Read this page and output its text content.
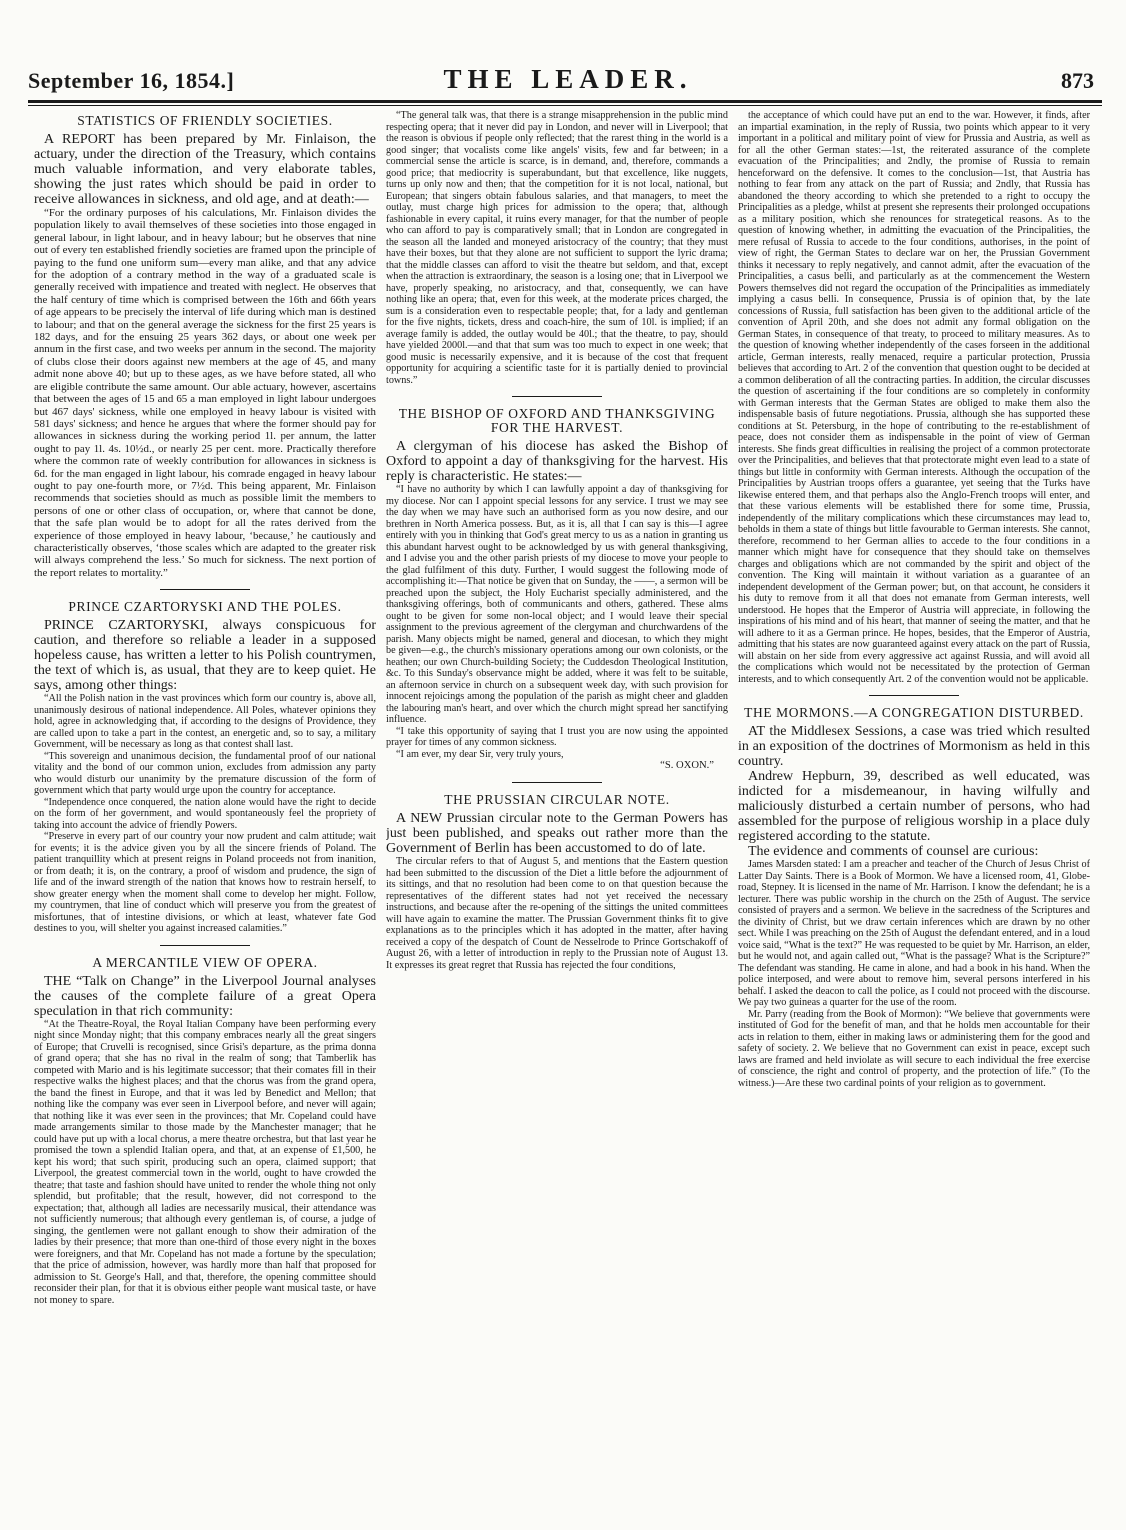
September 16, 1854.]	THE LEADER.	873
STATISTICS OF FRIENDLY SOCIETIES.

A REPORT has been prepared by Mr. Finlaison, the actuary, under the direction of the Treasury, which contains much valuable information, and very elaborate tables, showing the just rates which should be paid in order to receive allowances in sickness, and old age, and at death:—

“For the ordinary purposes of his calculations, Mr. Finlaison divides the population likely to avail themselves of these societies into those engaged in general labour, in light labour, and in heavy labour; but he observes that nine out of every ten established friendly societies are framed upon the principle of paying to the fund one uniform sum—every man alike, and that any advice for the adoption of a contrary method in the way of a graduated scale is generally received with impatience and treated with neglect. He observes that the half century of time which is comprised between the 16th and 66th years of age appears to be precisely the interval of life during which man is destined to labour; and that on the general average the sickness for the first 25 years is 182 days, and for the ensuing 25 years 362 days, or about one week per annum in the first case, and two weeks per annum in the second. The majority of clubs close their doors against new members at the age of 45, and many admit none above 40; but up to these ages, as we have before stated, all who are eligible contribute the same amount. Our able actuary, however, ascertains that between the ages of 15 and 65 a man employed in light labour undergoes but 467 days' sickness, while one employed in heavy labour is visited with 581 days' sickness; and hence he argues that where the former should pay for allowances in sickness during the working period 1l. per annum, the latter ought to pay 1l. 4s. 10½d., or nearly 25 per cent. more. Practically therefore where the common rate of weekly contribution for allowances in sickness is 6d. for the man engaged in light labour, his comrade engaged in heavy labour ought to pay one-fourth more, or 7½d. This being apparent, Mr. Finlaison recommends that societies should as much as possible limit the members to persons of one or other class of occupation, or, where that cannot be done, that the safe plan would be to adopt for all the rates derived from the experience of those employed in heavy labour, ‘because,’ he cautiously and characteristically observes, ‘those scales which are adapted to the greater risk will always comprehend the less.’ So much for sickness. The next portion of the report relates to mortality.”

PRINCE CZARTORYSKI AND THE POLES.

PRINCE CZARTORYSKI, always conspicuous for caution, and therefore so reliable a leader in a supposed hopeless cause, has written a letter to his Polish countrymen, the text of which is, as usual, that they are to keep quiet. He says, among other things:

“All the Polish nation in the vast provinces which form our country is, above all, unanimously desirous of national independence. All Poles, whatever opinions they hold, agree in acknowledging that, if according to the designs of Providence, they are called upon to take a part in the contest, an energetic and, so to say, a military Government, will be necessary as long as that contest shall last.

“This sovereign and unanimous decision, the fundamental proof of our national vitality and the bond of our common union, excludes from admission any party who would disturb our unanimity by the premature discussion of the form of government which that party would urge upon the country for acceptance.

“Independence once conquered, the nation alone would have the right to decide on the form of her government, and would spontaneously feel the propriety of taking into account the advice of friendly Powers.

“Preserve in every part of our country your now prudent and calm attitude; wait for events; it is the advice given you by all the sincere friends of Poland. The patient tranquillity which at present reigns in Poland proceeds not from inanition, or from death; it is, on the contrary, a proof of wisdom and prudence, the sign of life and of the inward strength of the nation that knows how to restrain herself, to show greater energy when the moment shall come to develop her might. Follow, my countrymen, that line of conduct which will preserve you from the greatest of misfortunes, that of intestine divisions, or which at least, whatever fate God destines to you, will shelter you against increased calamities.”

A MERCANTILE VIEW OF OPERA.

THE “Talk on Change” in the Liverpool Journal analyses the causes of the complete failure of a great Opera speculation in that rich community:

“At the Theatre-Royal, the Royal Italian Company have been performing every night since Monday night; that this company embraces nearly all the great singers of Europe; that Cruvelli is recognised, since Grisi's departure, as the prima donna of grand opera; that she has no rival in the realm of song; that Tamberlik has competed with Mario and is his legitimate successor; that their comates fill in their respective walks the highest places; and that the chorus was from the grand opera, the band the finest in Europe, and that it was led by Benedict and Mellon; that nothing like the company was ever seen in Liverpool before, and never will again; that nothing like it was ever seen in the provinces; that Mr. Copeland could have made arrangements similar to those made by the Manchester manager; that he could have put up with a local chorus, a mere theatre orchestra, but that last year he promised the town a splendid Italian opera, and that, at an expense of £1,500, he kept his word; that such spirit, producing such an opera, claimed support; that Liverpool, the greatest commercial town in the world, ought to have crowded the theatre; that taste and fashion should have united to render the whole thing not only splendid, but profitable; that the result, however, did not correspond to the expectation; that, although all ladies are necessarily musical, their attendance was not sufficiently numerous; that although every gentleman is, of course, a judge of singing, the gentlemen were not gallant enough to show their admiration of the ladies by their presence; that more than one-third of those every night in the boxes were foreigners, and that Mr. Copeland has not made a fortune by the speculation; that the price of admission, however, was hardly more than half that proposed for admission to St. George's Hall, and that, therefore, the opening committee should reconsider their plan, for that it is obvious either people want musical taste, or have not money to spare.

“The general talk was, that there is a strange misapprehension in the public mind respecting opera; that it never did pay in London, and never will in Liverpool; that the reason is obvious if people only reflected; that the rarest thing in the world is a good singer; that vocalists come like angels' visits, few and far between; in a commercial sense the article is scarce, is in demand, and, therefore, commands a good price; that mediocrity is superabundant, but that excellence, like nuggets, turns up only now and then; that the competition for it is not local, national, but European; that singers obtain fabulous salaries, and that managers, to meet the outlay, must charge high prices for admission to the opera; that, although fashionable in every capital, it ruins every manager, for that the number of people who can afford to pay is comparatively small; that in London are congregated in the season all the landed and moneyed aristocracy of the country; that they must have their boxes, but that they alone are not sufficient to support the lyric drama; that the middle classes can afford to visit the theatre but seldom, and that, except when the attraction is extraordinary, the season is a losing one; that in Liverpool we have, properly speaking, no aristocracy, and that, consequently, we can have nothing like an opera; that, even for this week, at the moderate prices charged, the sum is a consideration even to respectable people; that, for a lady and gentleman for the five nights, tickets, dress and coach-hire, the sum of 10l. is implied; if an average family is added, the outlay would be 40l.; that the theatre, to pay, should have yielded 2000l.—and that that sum was too much to expect in one week; that good music is necessarily expensive, and it is because of the cost that frequent opportunity for acquiring a scientific taste for it is partially denied to provincial towns.”

THE BISHOP OF OXFORD AND THANKSGIVING FOR THE HARVEST.

A clergyman of his diocese has asked the Bishop of Oxford to appoint a day of thanksgiving for the harvest. His reply is characteristic. He states:—

“I have no authority by which I can lawfully appoint a day of thanksgiving for my diocese. Nor can I appoint special lessons for any service. I trust we may see the day when we may have such an authorised form as you now desire, and our brethren in North America possess. But, as it is, all that I can say is this—I agree entirely with you in thinking that God's great mercy to us as a nation in granting us this abundant harvest ought to be acknowledged by us with general thanksgiving, and I advise you and the other parish priests of my diocese to move your people to the glad fulfilment of this duty. Further, I would suggest the following mode of accomplishing it:—That notice be given that on Sunday, the ——, a sermon will be preached upon the subject, the Holy Eucharist specially administered, and the thanksgiving offerings, both of communicants and others, gathered. These alms ought to be given for some non-local object; and I would leave their special assignment to the previous agreement of the clergyman and churchwardens of the parish. Many objects might be named, general and diocesan, to which they might be given—e.g., the church's missionary operations among our own colonists, or the heathen; our own Church-building Society; the Cuddesdon Theological Institution, &c. To this Sunday's observance might be added, where it was felt to be suitable, an afternoon service in church on a subsequent week day, with such provision for innocent rejoicings among the population of the parish as might cheer and gladden the labouring man's heart, and over which the church might spread her sanctifying influence.

“I take this opportunity of saying that I trust you are now using the appointed prayer for times of any common sickness.

“I am ever, my dear Sir, very truly yours,

“S. OXON.”

THE PRUSSIAN CIRCULAR NOTE.

A NEW Prussian circular note to the German Powers has just been published, and speaks out rather more than the Government of Berlin has been accustomed to do of late.

The circular refers to that of August 5, and mentions that the Eastern question had been submitted to the discussion of the Diet a little before the adjournment of its sittings, and that no resolution had been come to on that question because the representatives of the different states had not yet received the necessary instructions, and because after the re-opening of the sittings the united committees will have again to examine the matter. The Prussian Government thinks fit to give explanations as to the principles which it has adopted in the matter, after having received a copy of the despatch of Count de Nesselrode to Prince Gortschakoff of August 26, with a letter of introduction in reply to the Prussian note of August 13. It expresses its great regret that Russia has rejected the four conditions,

the acceptance of which could have put an end to the war. However, it finds, after an impartial examination, in the reply of Russia, two points which appear to it very important in a political and military point of view for Prussia and Austria, as well as for all the other German states:—1st, the reiterated assurance of the complete evacuation of the Principalities; and 2ndly, the promise of Russia to remain henceforward on the defensive. It comes to the conclusion—1st, that Austria has nothing to fear from any attack on the part of Russia; and 2ndly, that Russia has abandoned the theory according to which she pretended to a right to occupy the Principalities as a pledge, whilst at present she represents their prolonged occupations as a military position, which she renounces for strategetical reasons. As to the question of knowing whether, in admitting the evacuation of the Principalities, the mere refusal of Russia to accede to the four conditions, authorises, in the point of view of right, the German States to declare war on her, the Prussian Government thinks it necessary to reply negatively, and cannot admit, after the evacuation of the Principalities, a casus belli, and particularly as at the commencement the Western Powers themselves did not regard the occupation of the Principalities as immediately implying a casus belli. In consequence, Prussia is of opinion that, by the late concessions of Russia, full satisfaction has been given to the additional article of the convention of April 20th, and she does not admit any formal obligation on the German States, in consequence of that treaty, to proceed to military measures. As to the question of knowing whether independently of the cases forseen in the additional article, German interests, really menaced, require a particular protection, Prussia believes that according to Art. 2 of the convention that question ought to be decided at a common deliberation of all the contracting parties. In addition, the circular discusses the question of ascertaining if the four conditions are so completely in conformity with German interests that the German States are obliged to make them also the indispensable basis of future negotiations. Prussia, although she has supported these conditions at St. Petersburg, in the hope of contributing to the re-establishment of peace, does not consider them as indispensable in the point of view of German interests. She finds great difficulties in realising the project of a common protectorate over the Principalities, and believes that that protectorate might even lead to a state of things but little in conformity with German interests. Although the occupation of the Principalities by Austrian troops offers a guarantee, yet seeing that the Turks have likewise entered them, and that perhaps also the Anglo-French troops will enter, and that these various elements will be established there for some time, Prussia, independently of the military complications which these circumstances may lead to, beholds in them a state of things but little favourable to German interests. She cannot, therefore, recommend to her German allies to accede to the four conditions in a manner which might have for consequence that they should take on themselves charges and obligations which are not commanded by the spirit and object of the convention. The King will maintain it without variation as a guarantee of an independent development of the German power; but, on that account, he considers it his duty to remove from it all that does not emanate from German interests, well understood. He hopes that the Emperor of Austria will appreciate, in following the inspirations of his mind and of his heart, that manner of seeing the matter, and that he will adhere to it as a German prince. He hopes, besides, that the Emperor of Austria, admitting that his states are now guaranteed against every attack on the part of Russia, will abstain on her side from every aggressive act against Russia, and will avoid all the complications which would not be necessitated by the protection of German interests, and to which consequently Art. 2 of the convention would not be applicable.

THE MORMONS.—A CONGREGATION DISTURBED.

AT the Middlesex Sessions, a case was tried which resulted in an exposition of the doctrines of Mormonism as held in this country.

Andrew Hepburn, 39, described as well educated, was indicted for a misdemeanour, in having wilfully and maliciously disturbed a certain number of persons, who had assembled for the purpose of religious worship in a place duly registered according to the statute.

The evidence and comments of counsel are curious:

James Marsden stated: I am a preacher and teacher of the Church of Jesus Christ of Latter Day Saints. There is a Book of Mormon. We have a licensed room, 41, Globe-road, Stepney. It is licensed in the name of Mr. Harrison. I know the defendant; he is a lecturer. There was public worship in the church on the 25th of August. The service consisted of prayers and a sermon. We believe in the sacredness of the Scriptures and the divinity of Christ, but we draw certain inferences which are drawn by no other sect. While I was preaching on the 25th of August the defendant entered, and in a loud voice said, “What is the text?” He was requested to be quiet by Mr. Harrison, an elder, but he would not, and again called out, “What is the passage? What is the Scripture?” The defendant was standing. He came in alone, and had a book in his hand. When the police interposed, and were about to remove him, several persons interfered in his behalf. I asked the deacon to call the police, as I could not proceed with the discourse. We pay two guineas a quarter for the use of the room.

Mr. Parry (reading from the Book of Mormon): “We believe that governments were instituted of God for the benefit of man, and that he holds men accountable for their acts in relation to them, either in making laws or administering them for the good and safety of society. 2. We believe that no Government can exist in peace, except such laws are framed and held inviolate as will secure to each individual the free exercise of conscience, the right and control of property, and the protection of life.” (To the witness.)—Are these two cardinal points of your religion as to government.
